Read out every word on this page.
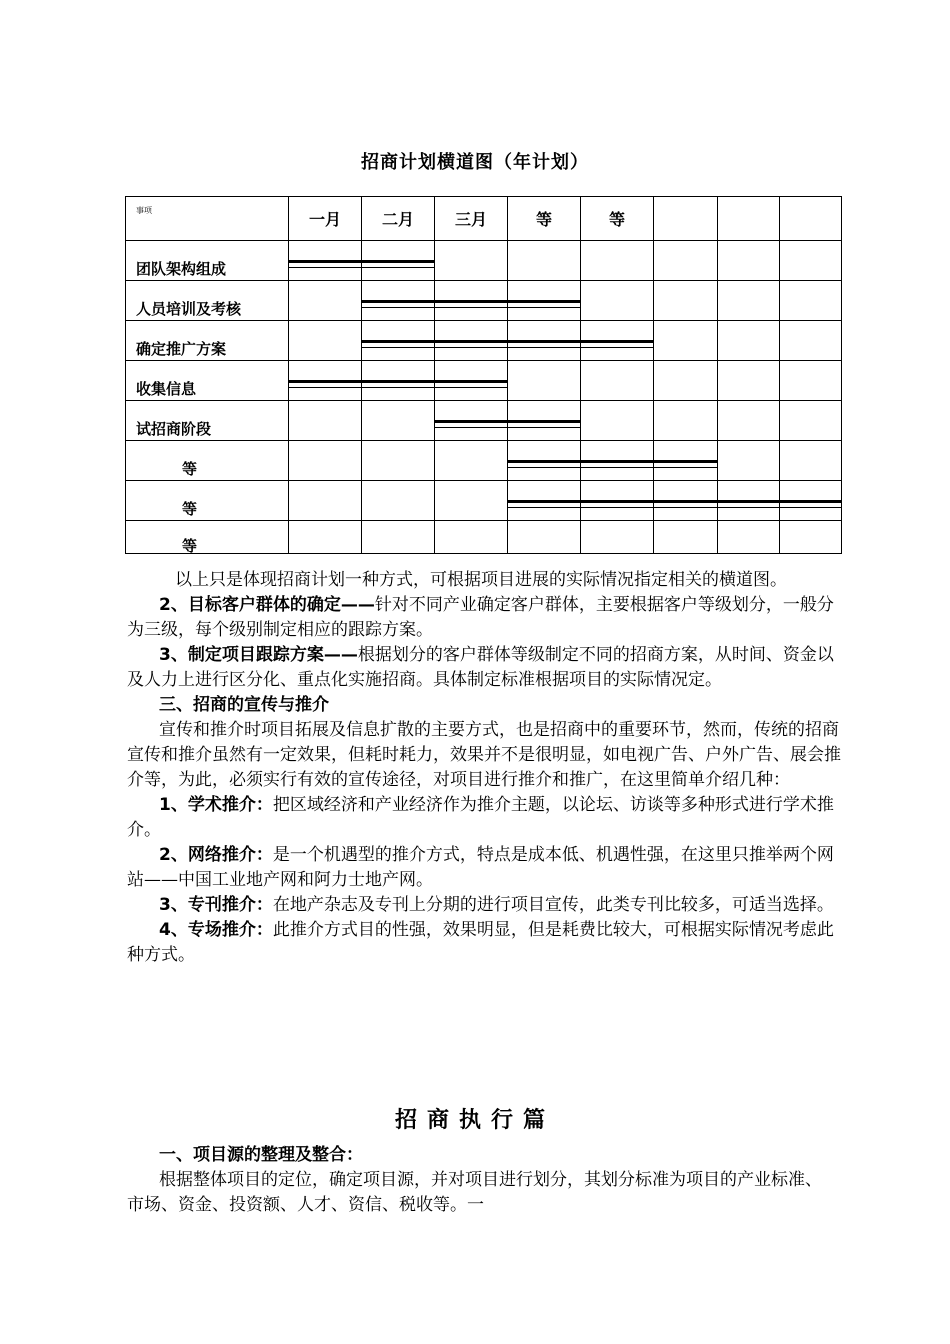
招商计划横道图（年计划）
事项	一月	二月	三月	等	等			
团队架构组成	

人员培训及考核		

确定推广方案		

收集信息	

试招商阶段			

等				

等				

等								

以上只是体现招商计划一种方式，可根据项目进展的实际情况指定相关的横道图。

2、目标客户群体的确定——针对不同产业确定客户群体，主要根据客户等级划分，一般分为三级，每个级别制定相应的跟踪方案。

3、制定项目跟踪方案——根据划分的客户群体等级制定不同的招商方案，从时间、资金以及人力上进行区分化、重点化实施招商。具体制定标准根据项目的实际情况定。

三、招商的宣传与推介

宣传和推介时项目拓展及信息扩散的主要方式，也是招商中的重要环节，然而，传统的招商宣传和推介虽然有一定效果，但耗时耗力，效果并不是很明显，如电视广告、户外广告、展会推介等，为此，必须实行有效的宣传途径，对项目进行推介和推广，在这里简单介绍几种：

1、学术推介：把区域经济和产业经济作为推介主题，以论坛、访谈等多种形式进行学术推介。

2、网络推介：是一个机遇型的推介方式，特点是成本低、机遇性强，在这里只推举两个网站——中国工业地产网和阿力士地产网。

3、专刊推介：在地产杂志及专刊上分期的进行项目宣传，此类专刊比较多，可适当选择。

4、专场推介：此推介方式目的性强，效果明显，但是耗费比较大，可根据实际情况考虑此种方式。

招商执行篇

一、项目源的整理及整合：

根据整体项目的定位，确定项目源，并对项目进行划分，其划分标准为项目的产业标准、市场、资金、投资额、人才、资信、税收等。一
